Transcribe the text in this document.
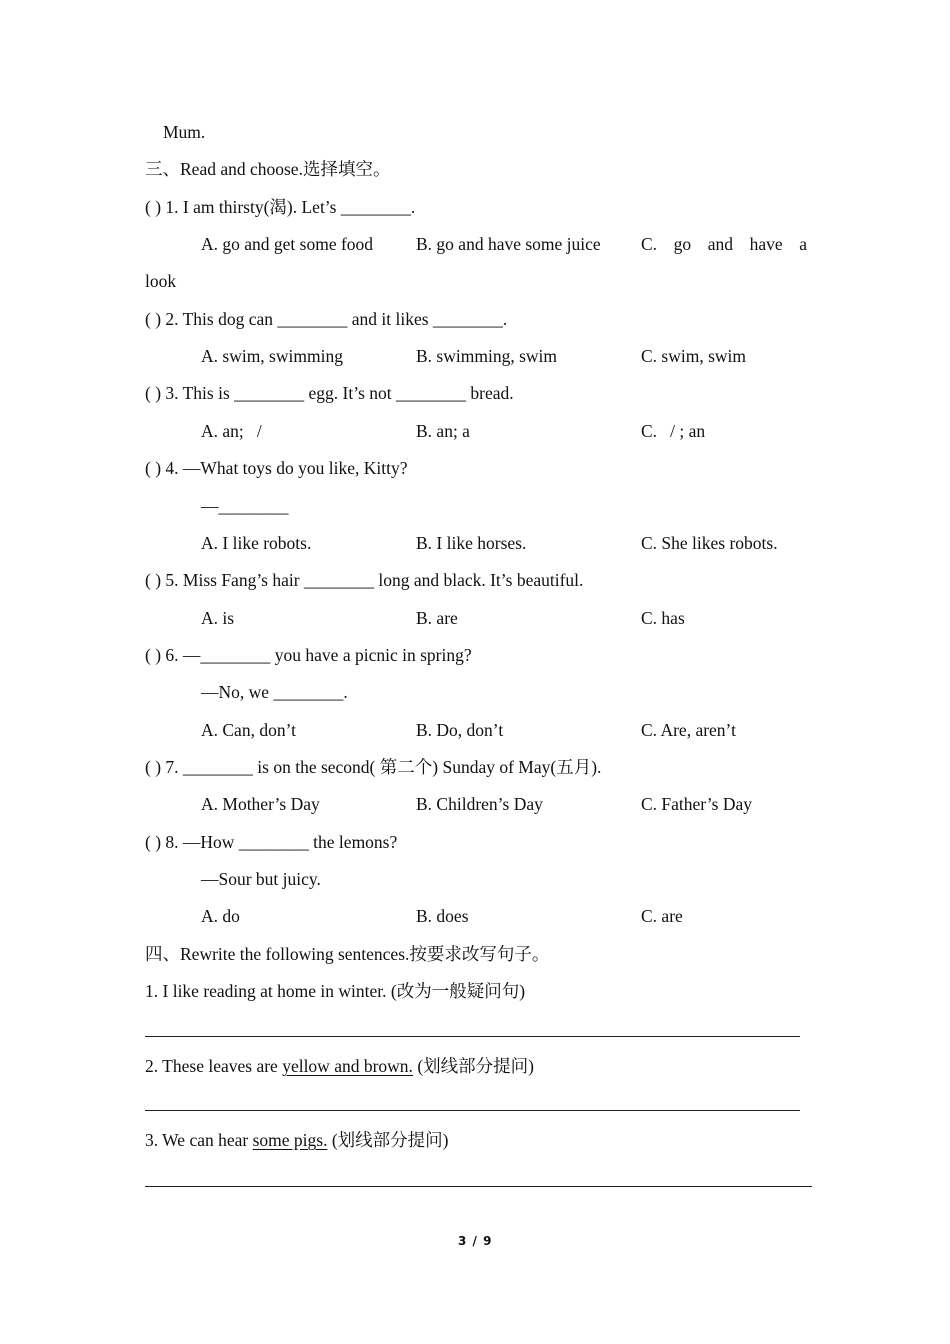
Mum.
三、Read and choose.选择填空。
( ) 1. I am thirsty(渴). Let’s ________.
A. go and get some food B. go and have some juice C. go and have a
look
( ) 2. This dog can ________ and it likes ________.
A. swim, swimming	B. swimming, swim	C. swim, swim
( ) 3. This is ________ egg. It’s not ________ bread.
A. an;   /	B. an; a	C.   / ; an
( ) 4. —What toys do you like, Kitty?
—________
A. I like robots.	B. I like horses.	C. She likes robots.
( ) 5. Miss Fang’s hair ________ long and black. It’s beautiful.
A. is	B. are	C. has
( ) 6. —________ you have a picnic in spring?
—No, we ________.
A. Can, don’t	B. Do, don’t	C. Are, aren’t
( ) 7. ________ is on the second( 第二个) Sunday of May(五月).
A. Mother’s Day	B. Children’s Day	C. Father’s Day
( ) 8. —How ________ the lemons?
—Sour but juicy.
A. do	B. does	C. are
四、Rewrite the following sentences.按要求改写句子。
1. I like reading at home in winter. (改为一般疑问句)
2. These leaves are yellow and brown. (划线部分提问)
3. We can hear some pigs. (划线部分提问)
3 / 9
